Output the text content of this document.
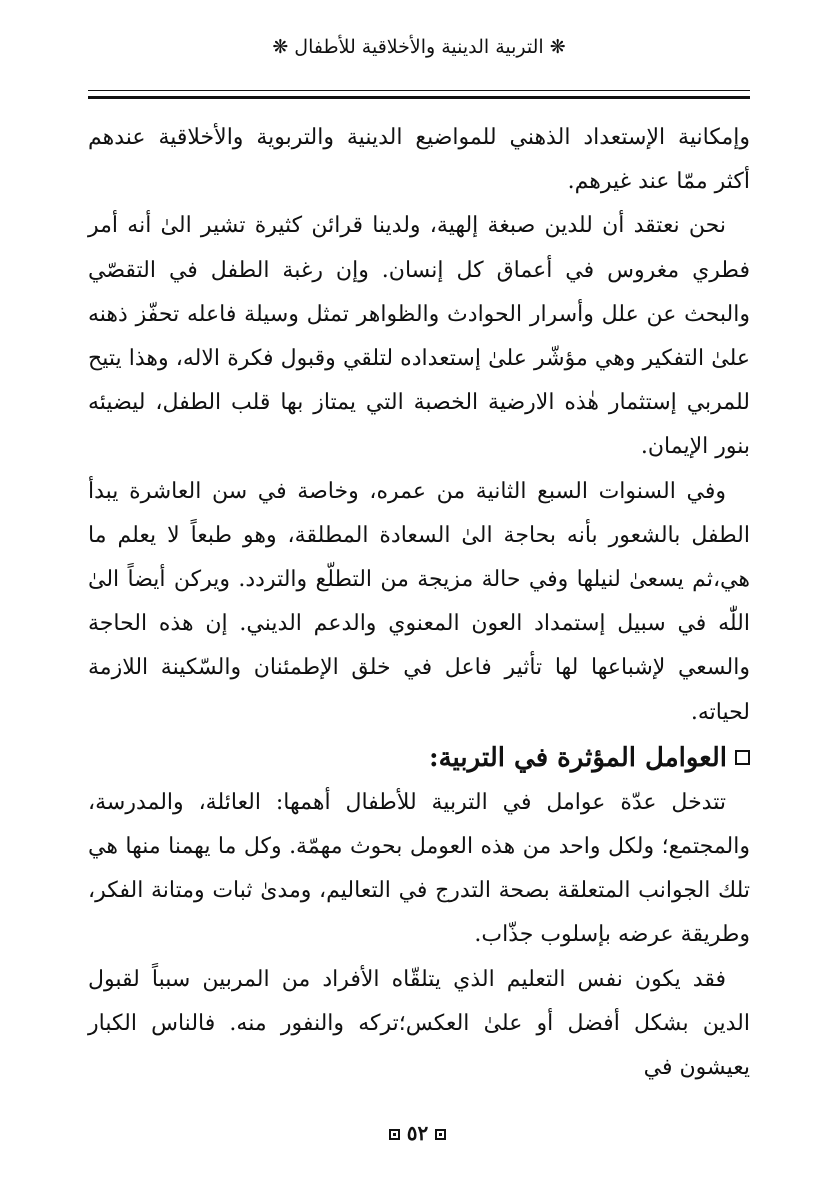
❋ التربية الدينية والأخلاقية للأطفال ❋

وإمكانية الإستعداد الذهني للمواضيع الدينية والتربوية والأخلاقية عندهم أكثر ممّا عند غيرهم.

نحن نعتقد أن للدين صبغة إلهية، ولدينا قرائن كثيرة تشير الىٰ أنه أمر فطري مغروس في أعماق كل إنسان. وإن رغبة الطفل في التقصّي والبحث عن علل وأسرار الحوادث والظواهر تمثل وسيلة فاعله تحفّز ذهنه علىٰ التفكير وهي مؤشّر علىٰ إستعداده لتلقي وقبول فكرة الاله، وهذا يتيح للمربي إستثمار هٰذه الارضية الخصبة التي يمتاز بها قلب الطفل، ليضيئه بنور الإيمان.

وفي السنوات السبع الثانية من عمره، وخاصة في سن العاشرة يبدأ الطفل بالشعور بأنه بحاجة الىٰ السعادة المطلقة، وهو طبعاً لا يعلم ما هي،ثم يسعىٰ لنيلها وفي حالة مزيجة من التطلّع والتردد. ويركن أيضاً الىٰ اللّٰه في سبيل إستمداد العون المعنوي والدعم الديني. إن هذه الحاجة والسعي لإشباعها لها تأثير فاعل في خلق الإطمئنان والسّكينة اللازمة لحياته.

العوامل المؤثرة في التربية:

تتدخل عدّة عوامل في التربية للأطفال أهمها: العائلة، والمدرسة، والمجتمع؛ ولكل واحد من هذه العومل بحوث مهمّة. وكل ما يهمنا منها هي تلك الجوانب المتعلقة بصحة التدرج في التعاليم، ومدىٰ ثبات ومتانة الفكر، وطريقة عرضه بإسلوب جذّاب.

فقد يكون نفس التعليم الذي يتلقّاه الأفراد من المربين سبباً لقبول الدين بشكل أفضل أو علىٰ العكس؛تركه والنفور منه. فالناس الكبار يعيشون في

٥٢
